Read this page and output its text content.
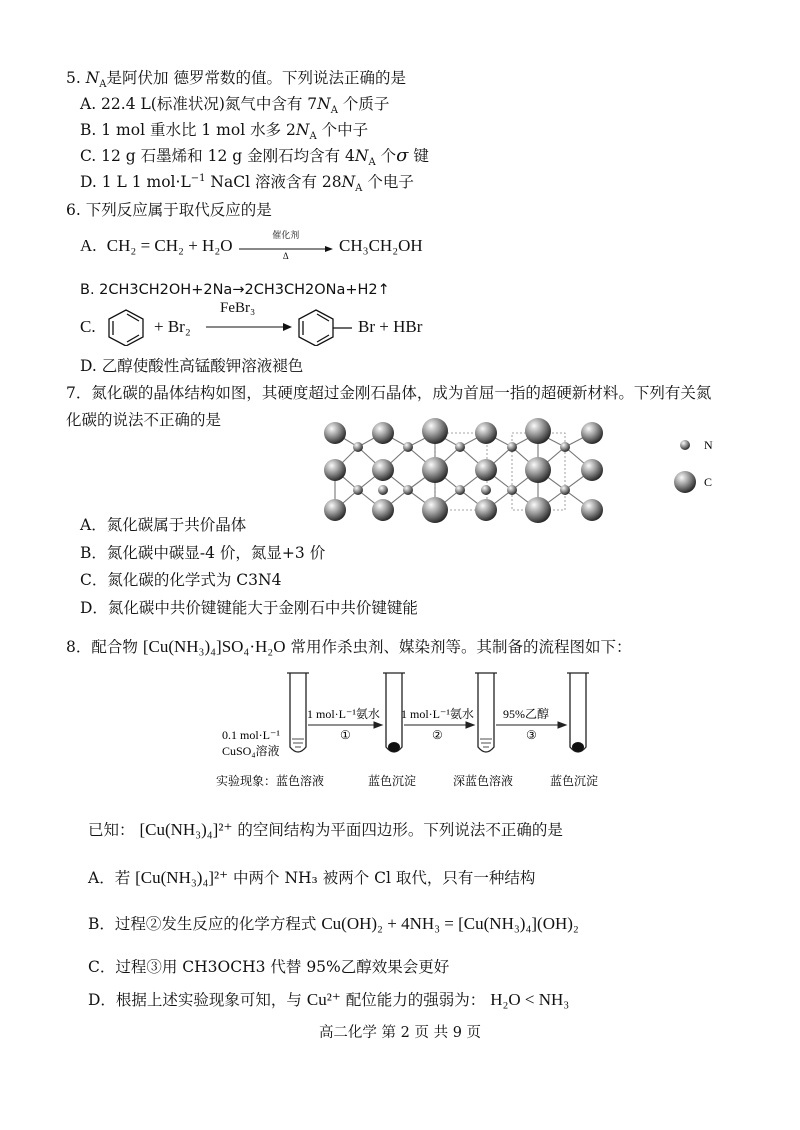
5. $N_A$是阿伏加 德罗常数的值。下列说法正确的是
A. 22.4 L(标准状况)氮气中含有 $7N_A$ 个质子
B. 1 mol 重水比 1 mol 水多 $2N_A$ 个中子
C. 12 g 石墨烯和 12 g 金刚石均含有 $4N_A$ 个σ 键
D. 1 L 1 $mol\cdot L^{-1}$ NaCl 溶液含有 $28N_A$ 个电子
6. 下列反应属于取代反应的是
A. CH₂ = CH₂ + H₂O
催化剂
Δ
CH₃CH₂OH
B. 2CH3CH2OH+2Na→2CH3CH2ONa+H2↑
C.	+ Br₂
FeBr₃
Br + HBr
D. 乙醇使酸性高锰酸钾溶液褪色
7．氮化碳的晶体结构如图，其硬度超过金刚石晶体，成为首屈一指的超硬新材料。下列有关氮
化碳的说法不正确的是
N
C
A．氮化碳属于共价晶体
B．氮化碳中碳显-4 价，氮显+3 价
C．氮化碳的化学式为 C3N4
D．氮化碳中共价键键能大于金刚石中共价键键能
8．配合物 [Cu(NH₃)₄]SO₄·H₂O 常用作杀虫剂、媒染剂等。其制备的流程图如下：
1 mol·L⁻¹氨水
①
1 mol·L⁻¹氨水
②
95%乙醇
③
0.1 mol·L⁻¹
CuSO₄溶液
实验现象： 蓝色溶液	蓝色沉淀	深蓝色溶液	蓝色沉淀
已知： [Cu(NH₃)₄]²⁺ 的空间结构为平面四边形。下列说法不正确的是
A．若 [Cu(NH₃)₄]²⁺ 中两个 NH₃ 被两个 Cl 取代，只有一种结构
B．过程②发生反应的化学方程式 Cu(OH)₂ + 4NH₃ = [Cu(NH₃)₄](OH)₂
C．过程③用 CH3OCH3 代替 95%乙醇效果会更好
D．根据上述实验现象可知，与 Cu²⁺ 配位能力的强弱为： H₂O < NH₃
高二化学 第 2 页 共 9 页
